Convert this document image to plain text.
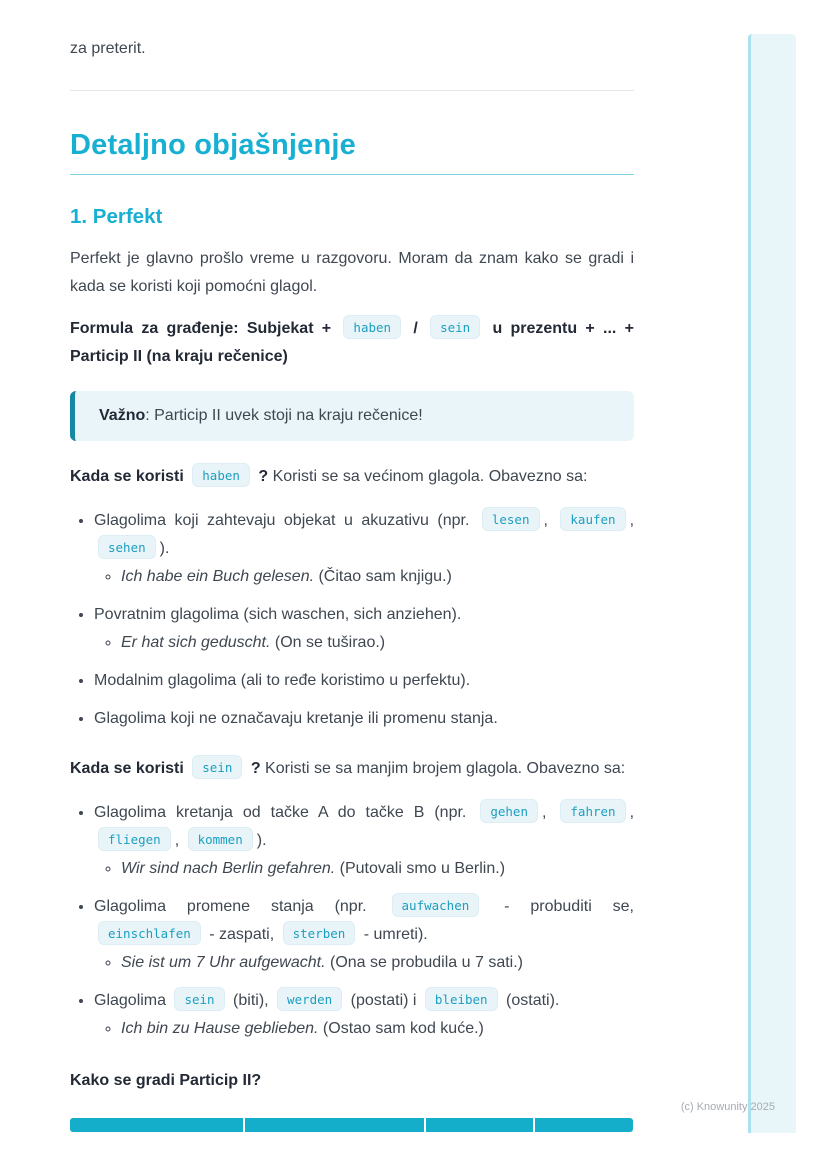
za preterit.

Detaljno objašnjenje
1. Perfekt

Perfekt je glavno prošlo vreme u razgovoru. Moram da znam kako se gradi i kada se koristi koji pomoćni glagol.

Formula za građenje: Subjekat + haben / sein u prezentu + ... + Particip II (na kraju rečenice)

Važno: Particip II uvek stoji na kraju rečenice!

Kada se koristi haben ? Koristi se sa većinom glagola. Obavezno sa:

• Glagolima koji zahtevaju objekat u akuzativu (npr. lesen , kaufen , sehen ).
◦ Ich habe ein Buch gelesen. (Čitao sam knjigu.)
• Povratnim glagolima (sich waschen, sich anziehen).
◦ Er hat sich geduscht. (On se tuširao.)
• Modalnim glagolima (ali to ređe koristimo u perfektu).
• Glagolima koji ne označavaju kretanje ili promenu stanja.

Kada se koristi sein ? Koristi se sa manjim brojem glagola. Obavezno sa:

• Glagolima kretanja od tačke A do tačke B (npr. gehen , fahren , fliegen , kommen ).
◦ Wir sind nach Berlin gefahren. (Putovali smo u Berlin.)
• Glagolima promene stanja (npr. aufwachen - probuditi se, einschlafen - zaspati, sterben - umreti).
◦ Sie ist um 7 Uhr aufgewacht. (Ona se probudila u 7 sati.)
• Glagolima sein (biti), werden (postati) i bleiben (ostati).
◦ Ich bin zu Hause geblieben. (Ostao sam kod kuće.)

Kako se gradi Particip II?

(c) Knowunity 2025
